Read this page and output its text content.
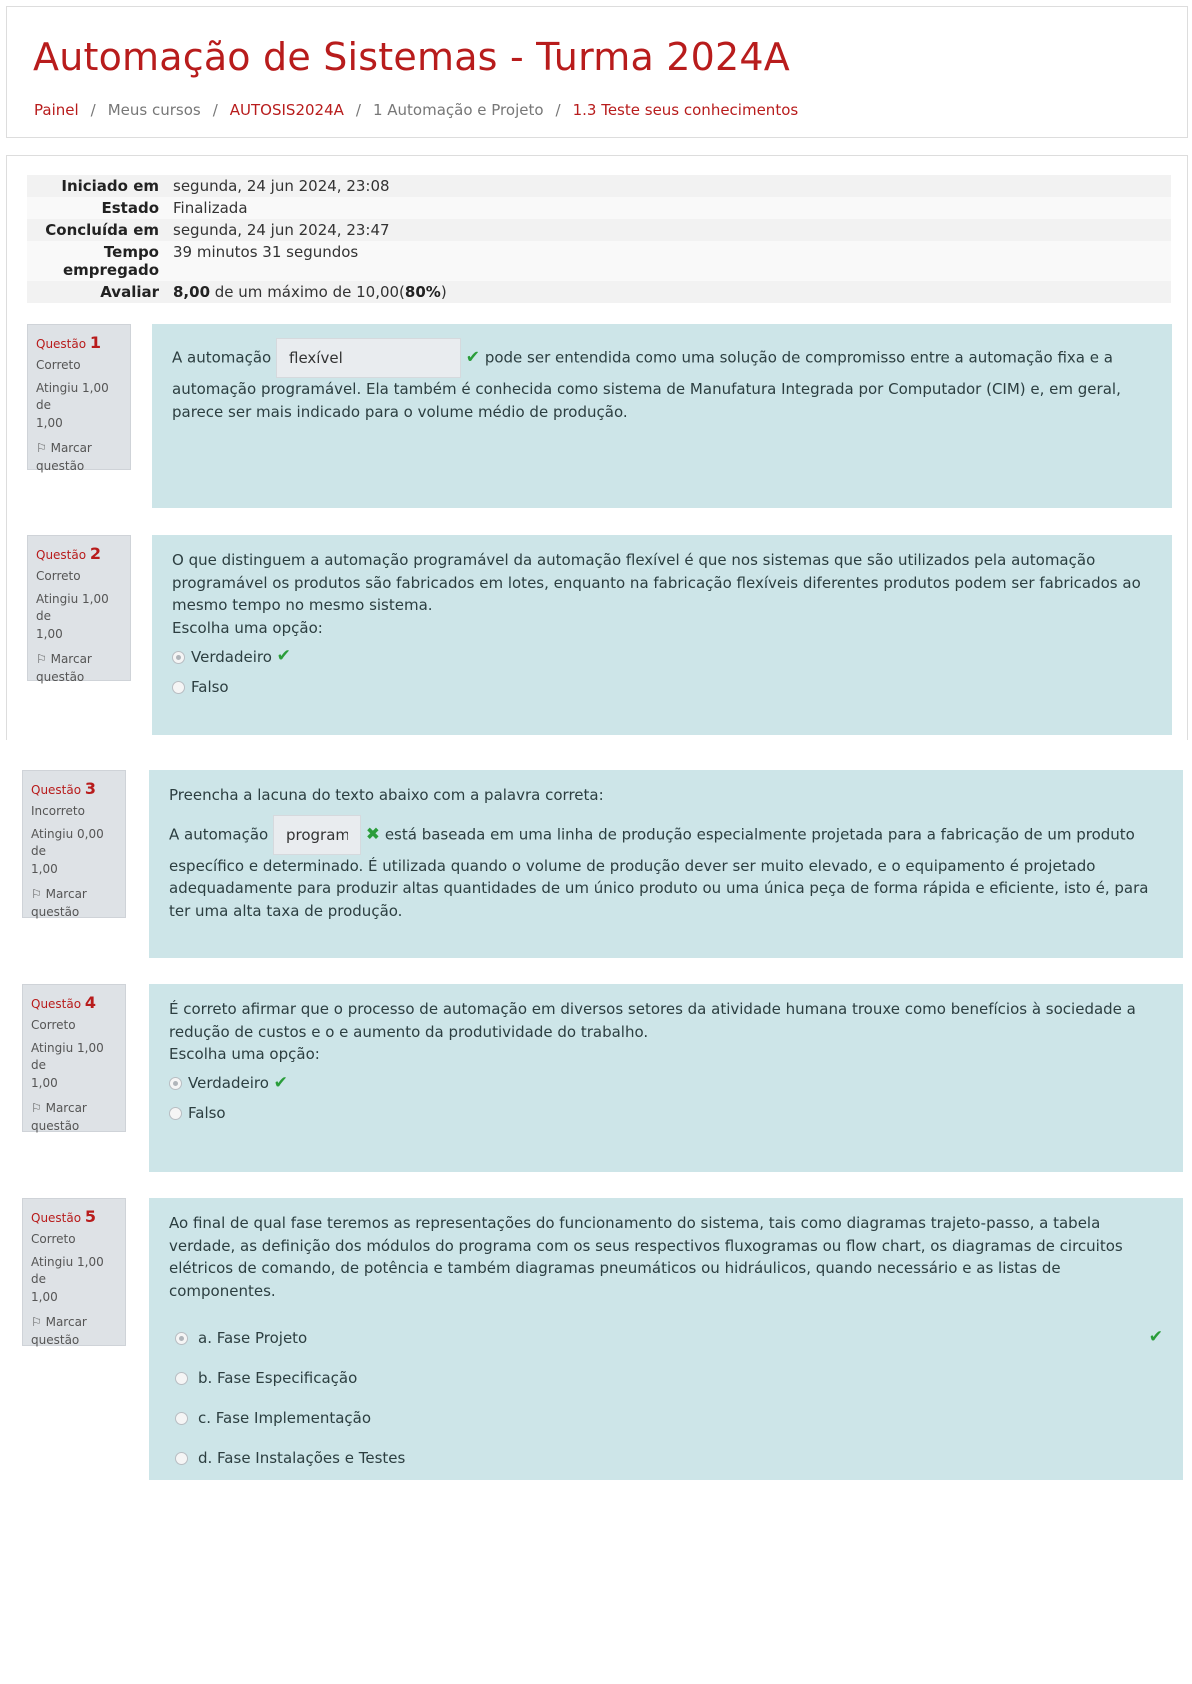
Automação de Sistemas - Turma 2024A
Painel / Meus cursos / AUTOSIS2024A / 1 Automação e Projeto / 1.3 Teste seus conhecimentos
Iniciado em segunda, 24 jun 2024, 23:08
Estado Finalizada
Concluída em segunda, 24 jun 2024, 23:47
Tempo
empregado
39 minutos 31 segundos
Avaliar 8,00 de um máximo de 10,00(80%)
Questão 1
Correto
Atingiu 1,00 de
1,00
⚐ Marcar
questão

A automação flexível	✔ pode ser entendida como uma solução de compromisso entre a automação fixa e a automação programável. Ela também é conhecida como sistema de Manufatura Integrada por Computador (CIM) e, em geral, parece ser mais indicado para o volume médio de produção.

Questão 2
Correto
Atingiu 1,00 de
1,00
⚐ Marcar
questão

O que distinguem a automação programável da automação flexível é que nos sistemas que são utilizados pela automação programável os produtos são fabricados em lotes, enquanto na fabricação flexíveis diferentes produtos podem ser fabricados ao mesmo tempo no mesmo sistema.

Escolha uma opção:

Verdadeiro
✔
Falso
Questão 3
Incorreto
Atingiu 0,00 de
1,00
⚐ Marcar
questão

Preencha a lacuna do texto abaixo com a palavra correta:

A automação program	✖ está baseada em uma linha de produção especialmente projetada para a fabricação de um produto específico e determinado. É utilizada quando o volume de produção dever ser muito elevado, e o equipamento é projetado adequadamente para produzir altas quantidades de um único produto ou uma única peça de forma rápida e eficiente, isto é, para ter uma alta taxa de produção.

Questão 4
Correto
Atingiu 1,00 de
1,00
⚐ Marcar
questão

É correto afirmar que o processo de automação em diversos setores da atividade humana trouxe como benefícios à sociedade a redução de custos e o e aumento da produtividade do trabalho.

Escolha uma opção:

Verdadeiro
✔
Falso
Questão 5
Correto
Atingiu 1,00 de
1,00
⚐ Marcar
questão

Ao final de qual fase teremos as representações do funcionamento do sistema, tais como diagramas trajeto-passo, a tabela verdade, as definição dos módulos do programa com os seus respectivos fluxogramas ou flow chart, os diagramas de circuitos elétricos de comando, de potência e também diagramas pneumáticos ou hidráulicos, quando necessário e as listas de componentes.

a. Fase Projeto	✔
b. Fase Especificação
c. Fase Implementação
d. Fase Instalações e Testes
